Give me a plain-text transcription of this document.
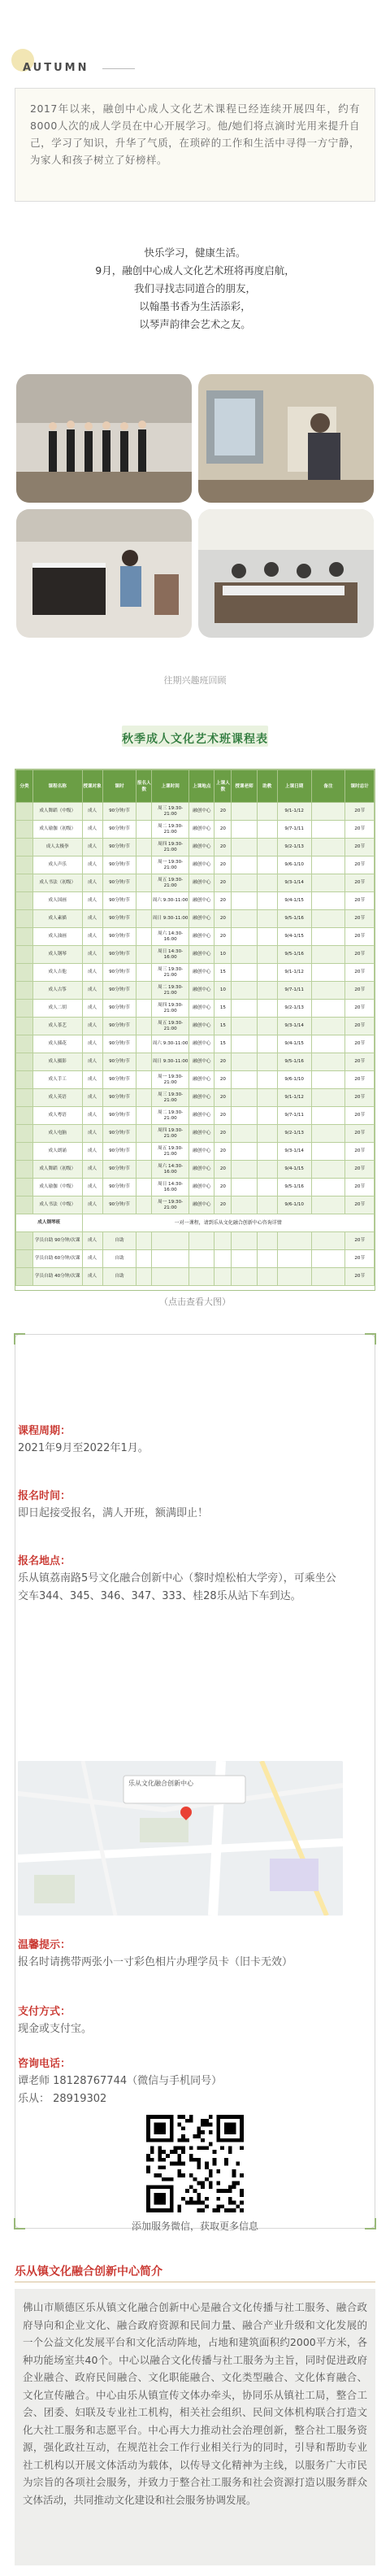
AUTUMN
2017年以来，融创中心成人文化艺术课程已经连续开展四年，约有8000人次的成人学员在中心开展学习。他/她们将点滴时光用来提升自己，学习了知识，升华了气质，在琐碎的工作和生活中寻得一方宁静，为家人和孩子树立了好榜样。
快乐学习，健康生活。
9月，融创中心成人文化艺术班将再度启航，
我们寻找志同道合的朋友，
以翰墨书香为生活添彩，
以琴声韵律会艺术之友。
往期兴趣班回顾
秋季成人文化艺术班课程表
分类	课程名称	授课对象	课时	报名人数	上课时间	上课地点	上课人数	授课老师	助教	上课日期	备注	课时总计
	成人舞蹈（中级）	成人	90分钟/节		周三 19:30-21:00	融创中心	20			9/1-1/12		20节
	成人瑜伽（初级）	成人	90分钟/节		周二 19:30-21:00	融创中心	20			9/7-1/11		20节
	成人太极拳	成人	90分钟/节		周四 19:30-21:00	融创中心	20			9/2-1/13		20节
	成人声乐	成人	90分钟/节		周一 19:30-21:00	融创中心	20			9/6-1/10		20节
	成人书法（初级）	成人	90分钟/节		周五 19:30-21:00	融创中心	20			9/3-1/14		20节
	成人国画	成人	90分钟/节		周六 9:30-11:00	融创中心	20			9/4-1/15		20节
	成人素描	成人	90分钟/节		周日 9:30-11:00	融创中心	20			9/5-1/16		20节
	成人油画	成人	90分钟/节		周六 14:30-16:00	融创中心	20			9/4-1/15		20节
	成人钢琴	成人	90分钟/节		周日 14:30-16:00	融创中心	10			9/5-1/16		20节
	成人吉他	成人	90分钟/节		周三 19:30-21:00	融创中心	15			9/1-1/12		20节
	成人古筝	成人	90分钟/节		周二 19:30-21:00	融创中心	10			9/7-1/11		20节
	成人二胡	成人	90分钟/节		周四 19:30-21:00	融创中心	15			9/2-1/13		20节
	成人茶艺	成人	90分钟/节		周五 19:30-21:00	融创中心	15			9/3-1/14		20节
	成人插花	成人	90分钟/节		周六 9:30-11:00	融创中心	15			9/4-1/15		20节
	成人摄影	成人	90分钟/节		周日 9:30-11:00	融创中心	20			9/5-1/16		20节
	成人手工	成人	90分钟/节		周一 19:30-21:00	融创中心	20			9/6-1/10		20节
	成人英语	成人	90分钟/节		周三 19:30-21:00	融创中心	20			9/1-1/12		20节
	成人粤语	成人	90分钟/节		周二 19:30-21:00	融创中心	20			9/7-1/11		20节
	成人电脑	成人	90分钟/节		周四 19:30-21:00	融创中心	20			9/2-1/13		20节
	成人朗诵	成人	90分钟/节		周五 19:30-21:00	融创中心	20			9/3-1/14		20节
	成人舞蹈（初级）	成人	90分钟/节		周六 14:30-16:00	融创中心	20			9/4-1/15		20节
	成人瑜伽（中级）	成人	90分钟/节		周日 14:30-16:00	融创中心	20			9/5-1/16		20节
	成人书法（中级）	成人	90分钟/节		周一 19:30-21:00	融创中心	20			9/6-1/10		20节
成人钢琴班		一对一课程，请到乐从文化融合创新中心咨询详情										
	学员自助 90分钟/次课	成人	自助									20节
	学员自助 60分钟/次课	成人	自助									20节
	学员自助 40分钟/次课	成人	自助									20节
（点击查看大图）
课程周期：
2021年9月至2022年1月。
报名时间：
即日起接受报名，满人开班，额满即止！
报名地点：
乐从镇荔南路5号文化融合创新中心（黎时煌松柏大学旁），可乘坐公交车344、345、346、347、333、桂28乐从站下车到达。
乐从文化融合创新中心
温馨提示：
报名时请携带两张小一寸彩色相片办理学员卡（旧卡无效）
支付方式：
现金或支付宝。
咨询电话：
谭老师 18128767744（微信与手机同号）
乐从： 28919302
添加服务微信，获取更多信息
乐从镇文化融合创新中心简介
佛山市顺德区乐从镇文化融合创新中心是融合文化传播与社工服务、融合政府导向和企业文化、融合政府资源和民间力量、融合产业升级和文化发展的一个公益文化发展平台和文化活动阵地，占地和建筑面积约2000平方米，各种功能场室共40个。中心以融合文化传播与社工服务为主旨，同时促进政府企业融合、政府民间融合、文化职能融合、文化类型融合、文化体育融合、文化宣传融合。中心由乐从镇宣传文体办牵头，协同乐从镇社工局，整合工会、团委、妇联及专业社工机构，相关社会组织、民间文体机构联合打造文化大社工服务和志愿平台。中心再大力推动社会治理创新，整合社工服务资源，强化政社互动，在规范社会工作行业相关行为的同时，引导和帮助专业社工机构以开展文体活动为载体，以传导文化精神为主线，以服务广大市民为宗旨的各项社会服务，并致力于整合社工服务和社会资源打造以服务群众文体活动，共同推动文化建设和社会服务协调发展。
